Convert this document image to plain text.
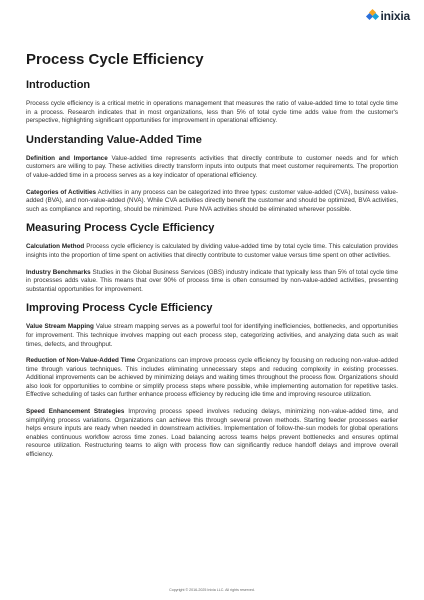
inixia
Process Cycle Efficiency
Introduction

Process cycle efficiency is a critical metric in operations management that measures the ratio of value-added time to total cycle time in a process. Research indicates that in most organizations, less than 5% of total cycle time adds value from the customer's perspective, highlighting significant opportunities for improvement in operational efficiency.

Understanding Value-Added Time

Definition and Importance Value-added time represents activities that directly contribute to customer needs and for which customers are willing to pay. These activities directly transform inputs into outputs that meet customer requirements. The proportion of value-added time in a process serves as a key indicator of operational efficiency.

Categories of Activities Activities in any process can be categorized into three types: customer value-added (CVA), business value-added (BVA), and non-value-added (NVA). While CVA activities directly benefit the customer and should be optimized, BVA activities, such as compliance and reporting, should be minimized. Pure NVA activities should be eliminated wherever possible.

Measuring Process Cycle Efficiency

Calculation Method Process cycle efficiency is calculated by dividing value-added time by total cycle time. This calculation provides insights into the proportion of time spent on activities that directly contribute to customer value versus time spent on other activities.

Industry Benchmarks Studies in the Global Business Services (GBS) industry indicate that typically less than 5% of total cycle time in processes adds value. This means that over 90% of process time is often consumed by non-value-added activities, presenting substantial opportunities for improvement.

Improving Process Cycle Efficiency

Value Stream Mapping Value stream mapping serves as a powerful tool for identifying inefficiencies, bottlenecks, and opportunities for improvement. This technique involves mapping out each process step, categorizing activities, and analyzing data such as wait times, defects, and throughput.

Reduction of Non-Value-Added Time Organizations can improve process cycle efficiency by focusing on reducing non-value-added time through various techniques. This includes eliminating unnecessary steps and reducing complexity in existing processes. Additional improvements can be achieved by minimizing delays and waiting times throughout the process flow. Organizations should also look for opportunities to combine or simplify process steps where possible, while implementing automation for repetitive tasks. Effective scheduling of tasks can further enhance process efficiency by reducing idle time and improving resource utilization.

Speed Enhancement Strategies Improving process speed involves reducing delays, minimizing non-value-added time, and simplifying process variations. Organizations can achieve this through several proven methods. Starting feeder processes earlier helps ensure inputs are ready when needed in downstream activities. Implementation of follow-the-sun models for global operations enables continuous workflow across time zones. Load balancing across teams helps prevent bottlenecks and ensures optimal resource utilization. Restructuring teams to align with process flow can significantly reduce handoff delays and improve overall efficiency.

Copyright © 2016-2025 Inixia LLC. All rights reserved.
